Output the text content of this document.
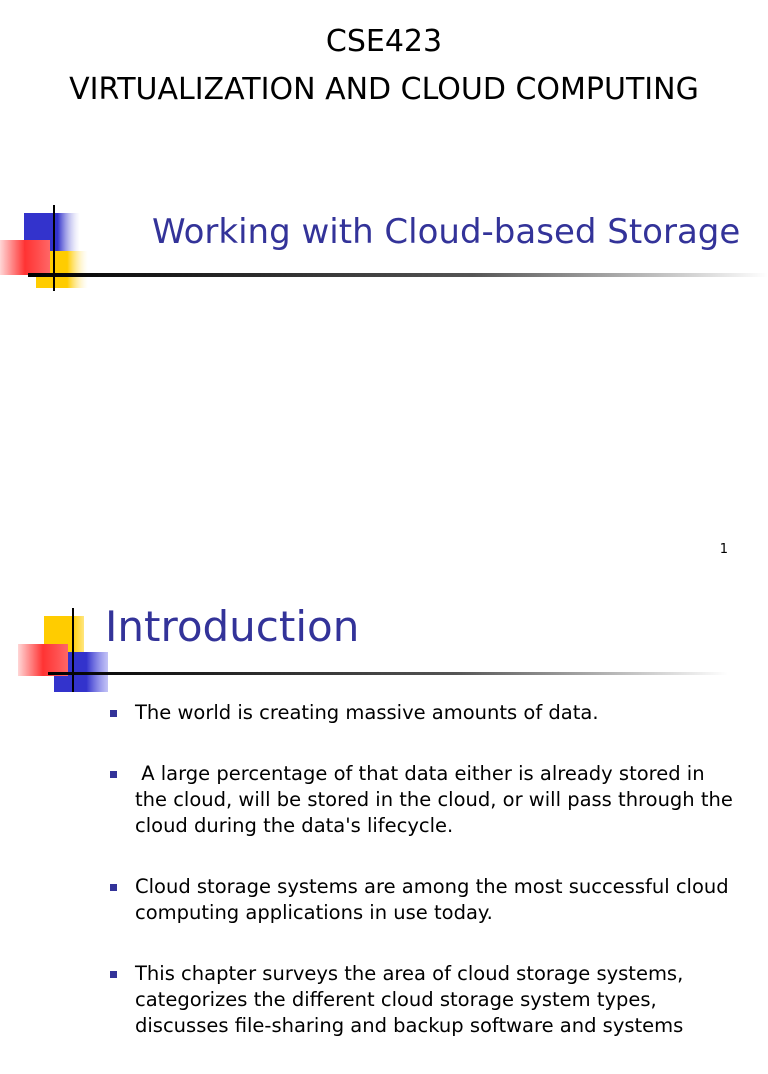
CSE423
VIRTUALIZATION AND CLOUD COMPUTING
Working with Cloud-based Storage
1
Introduction
The world is creating massive amounts of data.
A large percentage of that data either is already stored in the cloud, will be stored in the cloud, or will pass through the cloud during the data's lifecycle.
Cloud storage systems are among the most successful cloud computing applications in use today.
This chapter surveys the area of cloud storage systems, categorizes the different cloud storage system types, discusses file-sharing and backup software and systems
